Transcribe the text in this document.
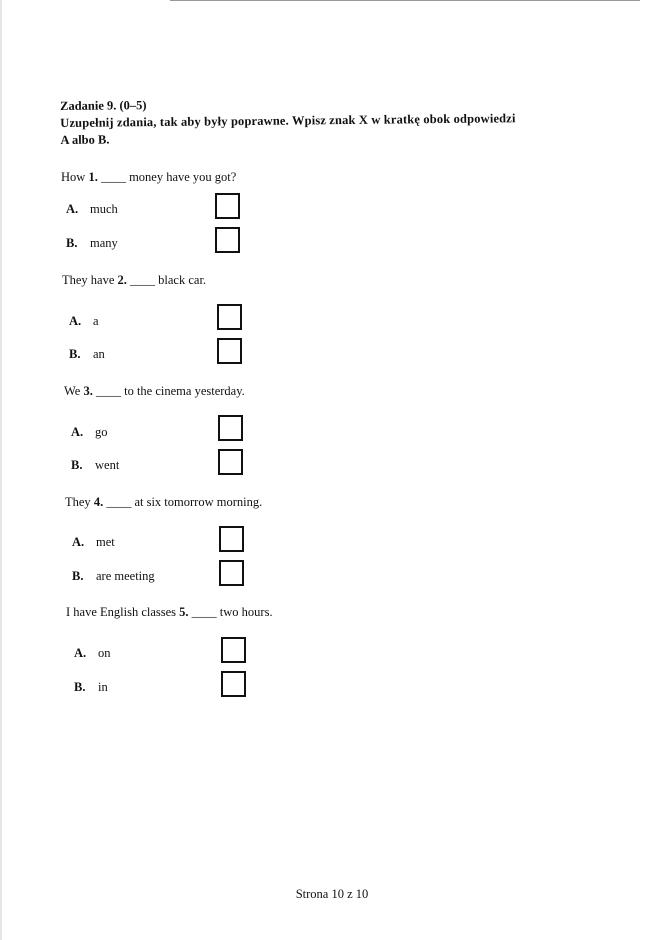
Zadanie 9. (0–5)
Uzupełnij zdania, tak aby były poprawne. Wpisz znak X w kratkę obok odpowiedzi
A albo B.
How 1. ____ money have you got?
A. much
B. many
They have 2. ____ black car.
A. a
B. an
We 3. ____ to the cinema yesterday.
A. go
B. went
They 4. ____ at six tomorrow morning.
A. met
B. are meeting
I have English classes 5. ____ two hours.
A. on
B. in
Strona 10 z 10
